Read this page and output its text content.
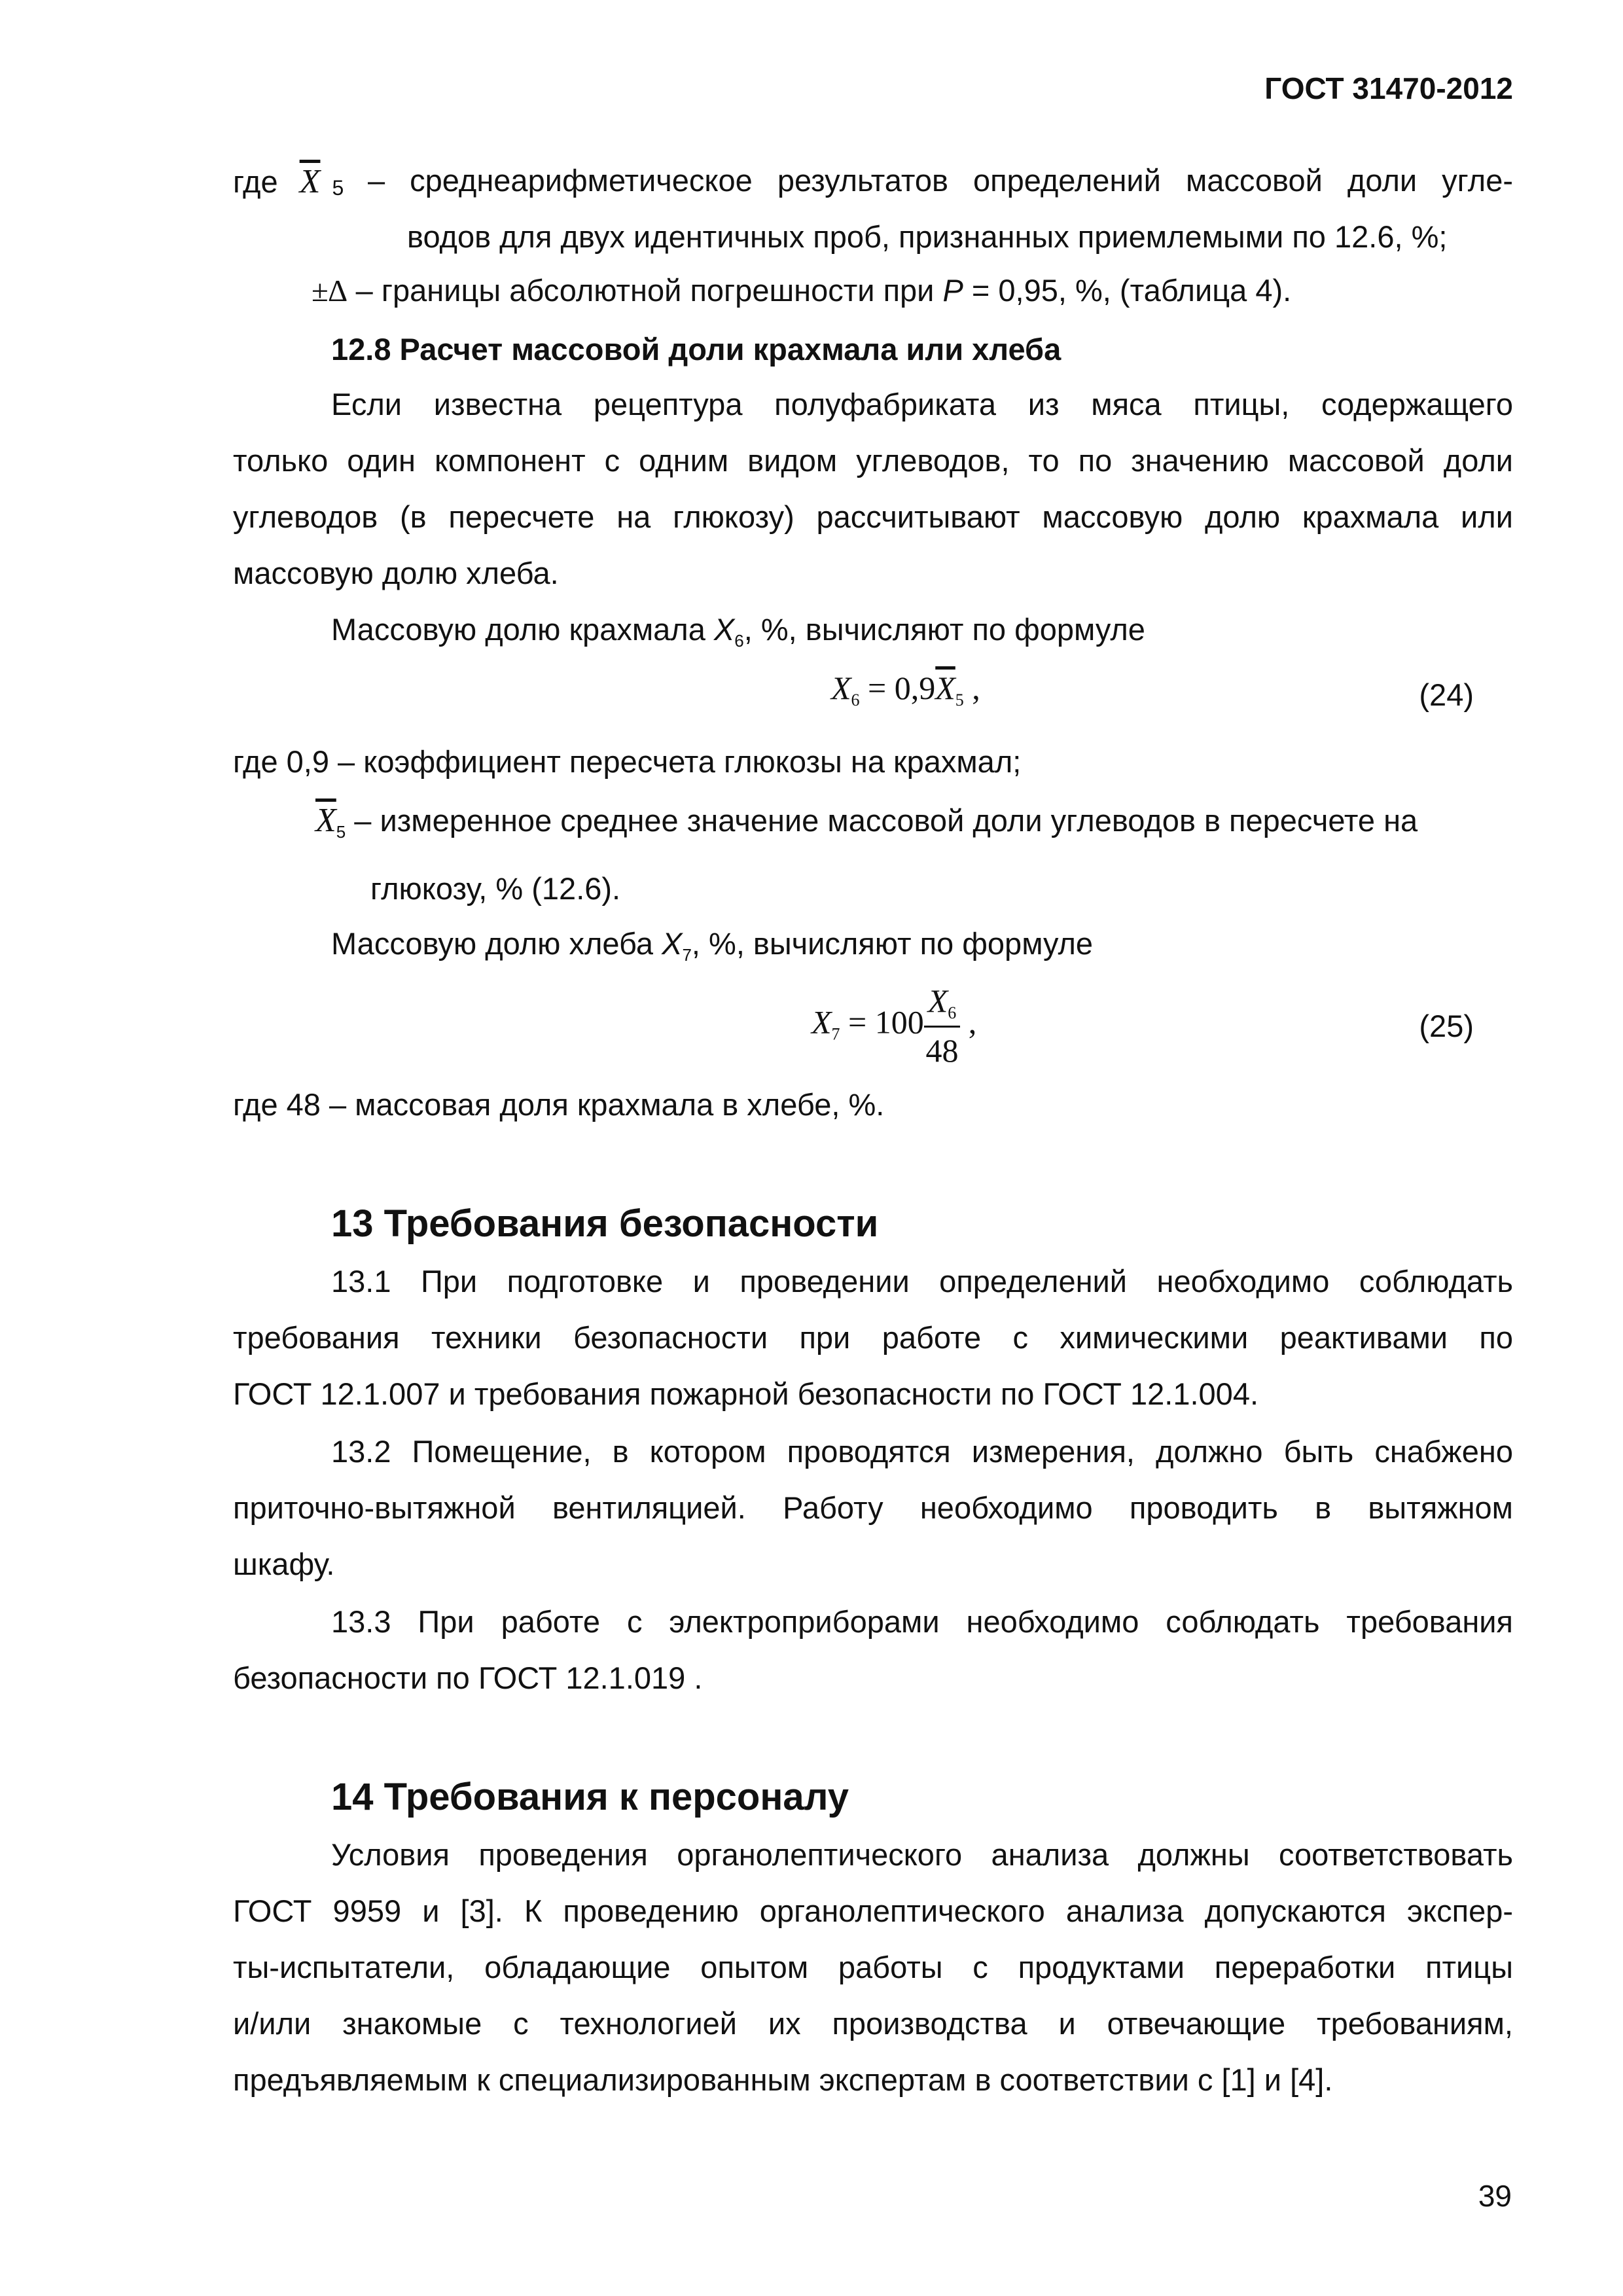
ГОСТ 31470-2012
где $\overline{X}$ 5 – среднеарифметическое результатов определений массовой доли угле-
водов для двух идентичных проб, признанных приемлемыми по 12.6, %;
±∆ – границы абсолютной погрешности при P = 0,95, %, (таблица 4).
12.8 Расчет массовой доли крахмала или хлеба
Если известна рецептура полуфабриката из мяса птицы, содержащего
только один компонент с одним видом углеводов, то по значению массовой доли
углеводов (в пересчете на глюкозу) рассчитывают массовую долю крахмала или
массовую долю хлеба.
Массовую долю крахмала $X_6$, %, вычисляют по формуле
$X_6 = 0,9\overline{X}_5$ ,	(24)
где 0,9 – коэффициент пересчета глюкозы на крахмал;
$\overline{X}_5$ – измеренное среднее значение массовой доли углеводов в пересчете на
глюкозу, % (12.6).
Массовую долю хлеба $X_7$, %, вычисляют по формуле
$X_7 = 100 \frac{X_6}{48}$ ,	(25)
где 48 – массовая доля крахмала в хлебе, %.
13 Требования безопасности
13.1 При подготовке и проведении определений необходимо соблюдать
требования техники безопасности при работе с химическими реактивами по
ГОСТ 12.1.007 и требования пожарной безопасности по ГОСТ 12.1.004.
13.2 Помещение, в котором проводятся измерения, должно быть снабжено
приточно-вытяжной вентиляцией. Работу необходимо проводить в вытяжном
шкафу.
13.3 При работе с электроприборами необходимо соблюдать требования
безопасности по ГОСТ 12.1.019 .
14 Требования к персоналу
Условия проведения органолептического анализа должны соответствовать
ГОСТ 9959 и [3]. К проведению органолептического анализа допускаются экспер-
ты-испытатели, обладающие опытом работы с продуктами переработки птицы
и/или знакомые с технологией их производства и отвечающие требованиям,
предъявляемым к специализированным экспертам в соответствии с [1] и [4].
39
